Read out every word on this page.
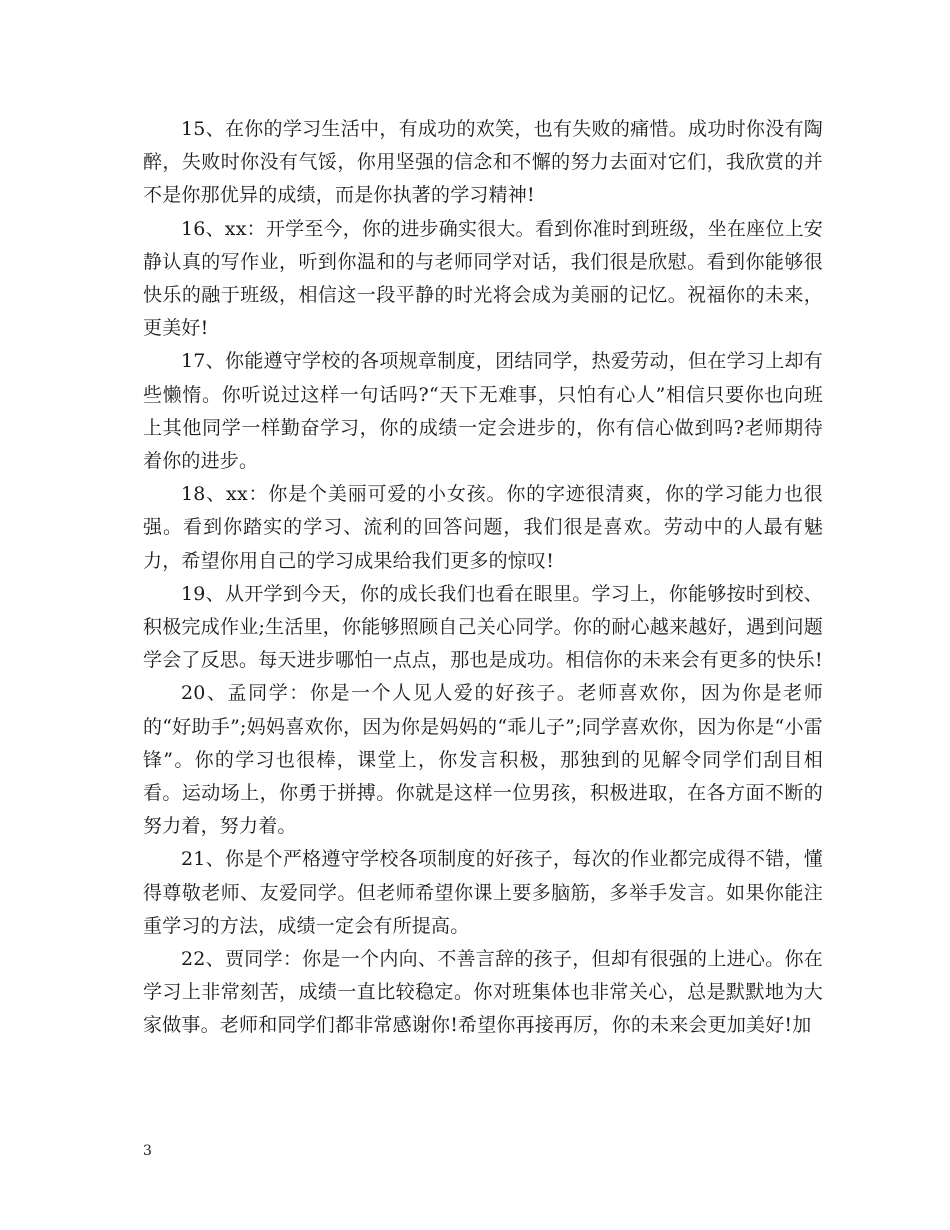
15、在你的学习生活中，有成功的欢笑，也有失败的痛惜。成功时你没有陶醉，失败时你没有气馁，你用坚强的信念和不懈的努力去面对它们，我欣赏的并不是你那优异的成绩，而是你执著的学习精神!

16、xx：开学至今，你的进步确实很大。看到你准时到班级，坐在座位上安静认真的写作业，听到你温和的与老师同学对话，我们很是欣慰。看到你能够很快乐的融于班级，相信这一段平静的时光将会成为美丽的记忆。祝福你的未来，更美好!

17、你能遵守学校的各项规章制度，团结同学，热爱劳动，但在学习上却有些懒惰。你听说过这样一句话吗?“天下无难事，只怕有心人”相信只要你也向班上其他同学一样勤奋学习，你的成绩一定会进步的，你有信心做到吗?老师期待着你的进步。

18、xx：你是个美丽可爱的小女孩。你的字迹很清爽，你的学习能力也很强。看到你踏实的学习、流利的回答问题，我们很是喜欢。劳动中的人最有魅力，希望你用自己的学习成果给我们更多的惊叹!

19、从开学到今天，你的成长我们也看在眼里。学习上，你能够按时到校、积极完成作业;生活里，你能够照顾自己关心同学。你的耐心越来越好，遇到问题学会了反思。每天进步哪怕一点点，那也是成功。相信你的未来会有更多的快乐!

20、孟同学：你是一个人见人爱的好孩子。老师喜欢你，因为你是老师的“好助手”;妈妈喜欢你，因为你是妈妈的“乖儿子”;同学喜欢你，因为你是“小雷锋”。你的学习也很棒，课堂上，你发言积极，那独到的见解令同学们刮目相看。运动场上，你勇于拼搏。你就是这样一位男孩，积极进取，在各方面不断的努力着，努力着。

21、你是个严格遵守学校各项制度的好孩子，每次的作业都完成得不错，懂得尊敬老师、友爱同学。但老师希望你课上要多脑筋，多举手发言。如果你能注重学习的方法，成绩一定会有所提高。

22、贾同学：你是一个内向、不善言辞的孩子，但却有很强的上进心。你在学习上非常刻苦，成绩一直比较稳定。你对班集体也非常关心，总是默默地为大家做事。老师和同学们都非常感谢你!希望你再接再厉，你的未来会更加美好!加

3
